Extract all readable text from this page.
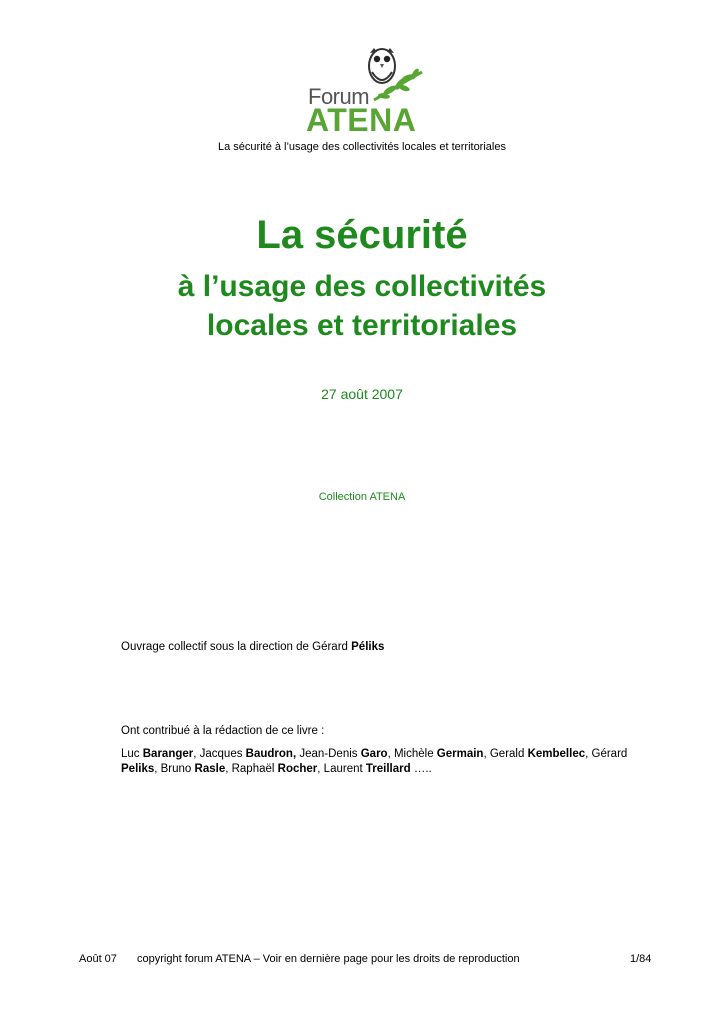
Forum
ATENA
La sécurité à l’usage des collectivités locales et territoriales
La sécurité
à l’usage des collectivités
locales et territoriales
27 août 2007
Collection ATENA
Ouvrage collectif sous la direction de Gérard Péliks
Ont contribué à la rédaction de ce livre :
Luc Baranger, Jacques Baudron, Jean-Denis Garo, Michèle Germain, Gerald Kembellec, Gérard Peliks, Bruno Rasle, Raphaël Rocher, Laurent Treillard …..
Août 07 copyright forum ATENA – Voir en dernière page pour les droits de reproduction	1/84
